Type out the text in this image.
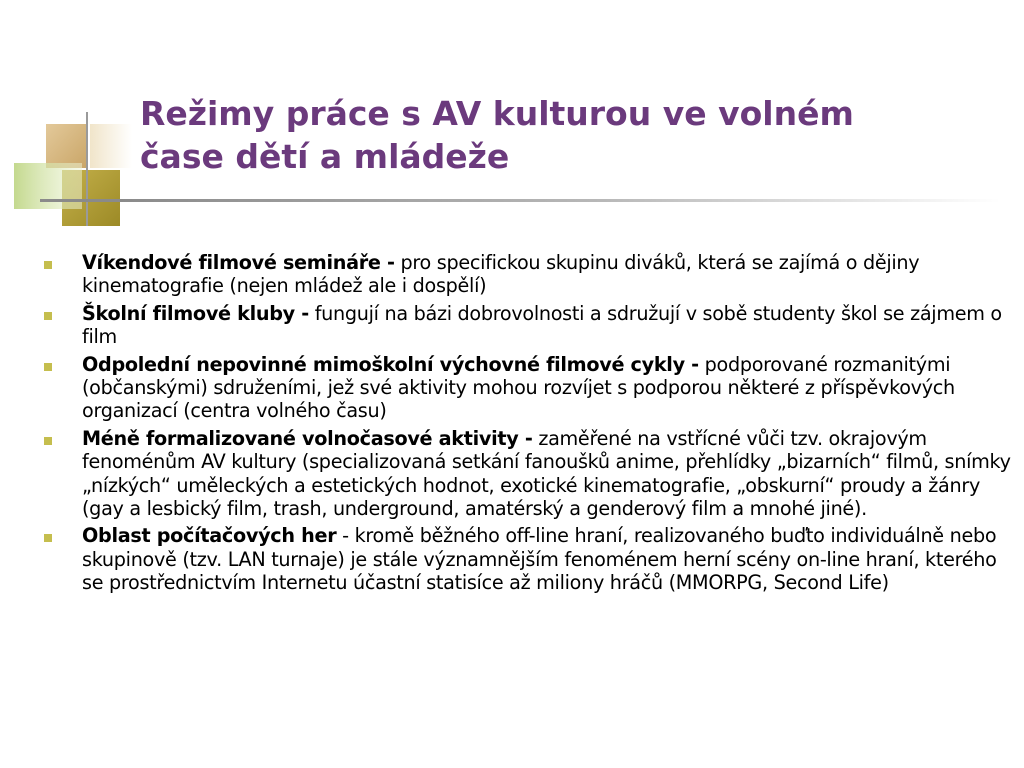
Režimy práce s AV kulturou ve volném
čase dětí a mládeže
Víkendové filmové semináře - pro specifickou skupinu diváků, která se zajímá o dějiny kinematografie (nejen mládež ale i dospělí)
Školní filmové kluby - fungují na bázi dobrovolnosti a sdružují v sobě studenty škol se zájmem o film
Odpolední nepovinné mimoškolní výchovné filmové cykly - podporované rozmanitými (občanskými) sdruženími, jež své aktivity mohou rozvíjet s podporou některé z příspěvkových organizací (centra volného času)
Méně formalizované volnočasové aktivity - zaměřené na vstřícné vůči tzv. okrajovým fenoménům AV kultury (specializovaná setkání fanoušků anime, přehlídky „bizarních“ filmů, snímky „nízkých“ uměleckých a estetických hodnot, exotické kinematografie, „obskurní“ proudy a žánry (gay a lesbický film, trash, underground, amatérský a genderový film a mnohé jiné).
Oblast počítačových her - kromě běžného off-line hraní, realizovaného buďto individuálně nebo skupinově (tzv. LAN turnaje) je stále významnějším fenoménem herní scény on-line hraní, kterého se prostřednictvím Internetu účastní statisíce až miliony hráčů (MMORPG, Second Life)
